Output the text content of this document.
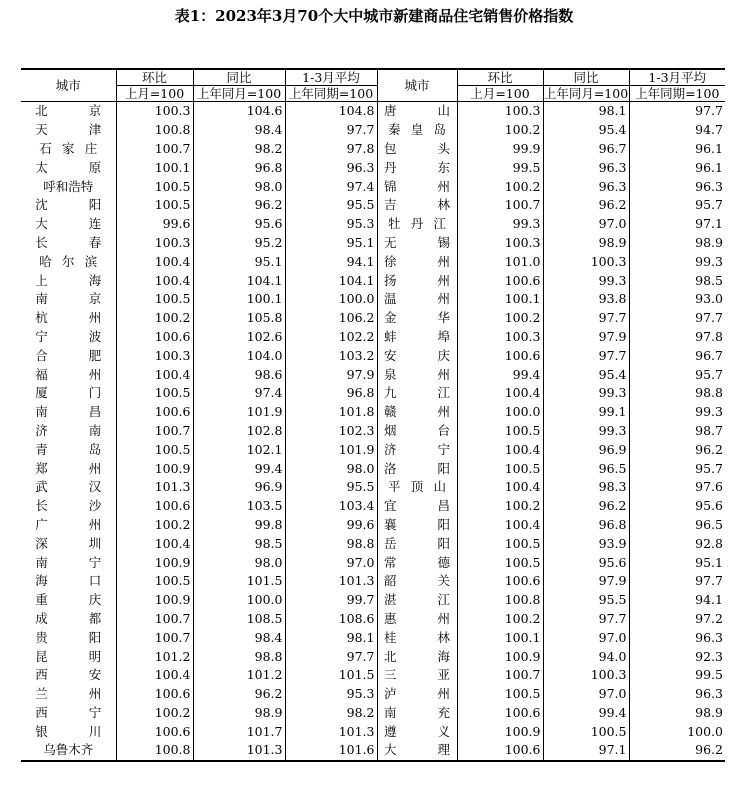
表1：2023年3月70个大中城市新建商品住宅销售价格指数
城市	环比	同比	1-3月平均	城市	环比	同比	1-3月平均
	上月=100	上年同月=100	上年同期=100		上月=100	上年同月=100	上年同期=100
北京	100.3	104.6	104.8	唐山	100.3	98.1	97.7
天津	100.8	98.4	97.7	秦皇岛	100.2	95.4	94.7
石家庄	100.7	98.2	97.8	包头	99.9	96.7	96.1
太原	100.1	96.8	96.3	丹东	99.5	96.3	96.1
呼和浩特	100.5	98.0	97.4	锦州	100.2	96.3	96.3
沈阳	100.5	96.2	95.5	吉林	100.7	96.2	95.7
大连	99.6	95.6	95.3	牡丹江	99.3	97.0	97.1
长春	100.3	95.2	95.1	无锡	100.3	98.9	98.9
哈尔滨	100.4	95.1	94.1	徐州	101.0	100.3	99.3
上海	100.4	104.1	104.1	扬州	100.6	99.3	98.5
南京	100.5	100.1	100.0	温州	100.1	93.8	93.0
杭州	100.2	105.8	106.2	金华	100.2	97.7	97.7
宁波	100.6	102.6	102.2	蚌埠	100.3	97.9	97.8
合肥	100.3	104.0	103.2	安庆	100.6	97.7	96.7
福州	100.4	98.6	97.9	泉州	99.4	95.4	95.7
厦门	100.5	97.4	96.8	九江	100.4	99.3	98.8
南昌	100.6	101.9	101.8	赣州	100.0	99.1	99.3
济南	100.7	102.8	102.3	烟台	100.5	99.3	98.7
青岛	100.5	102.1	101.9	济宁	100.4	96.9	96.2
郑州	100.9	99.4	98.0	洛阳	100.5	96.5	95.7
武汉	101.3	96.9	95.5	平顶山	100.4	98.3	97.6
长沙	100.6	103.5	103.4	宜昌	100.2	96.2	95.6
广州	100.2	99.8	99.6	襄阳	100.4	96.8	96.5
深圳	100.4	98.5	98.8	岳阳	100.5	93.9	92.8
南宁	100.9	98.0	97.0	常德	100.5	95.6	95.1
海口	100.5	101.5	101.3	韶关	100.6	97.9	97.7
重庆	100.9	100.0	99.7	湛江	100.8	95.5	94.1
成都	100.7	108.5	108.6	惠州	100.2	97.7	97.2
贵阳	100.7	98.4	98.1	桂林	100.1	97.0	96.3
昆明	101.2	98.8	97.7	北海	100.9	94.0	92.3
西安	100.4	101.2	101.5	三亚	100.7	100.3	99.5
兰州	100.6	96.2	95.3	泸州	100.5	97.0	96.3
西宁	100.2	98.9	98.2	南充	100.6	99.4	98.9
银川	100.6	101.7	101.3	遵义	100.9	100.5	100.0
乌鲁木齐	100.8	101.3	101.6	大理	100.6	97.1	96.2
